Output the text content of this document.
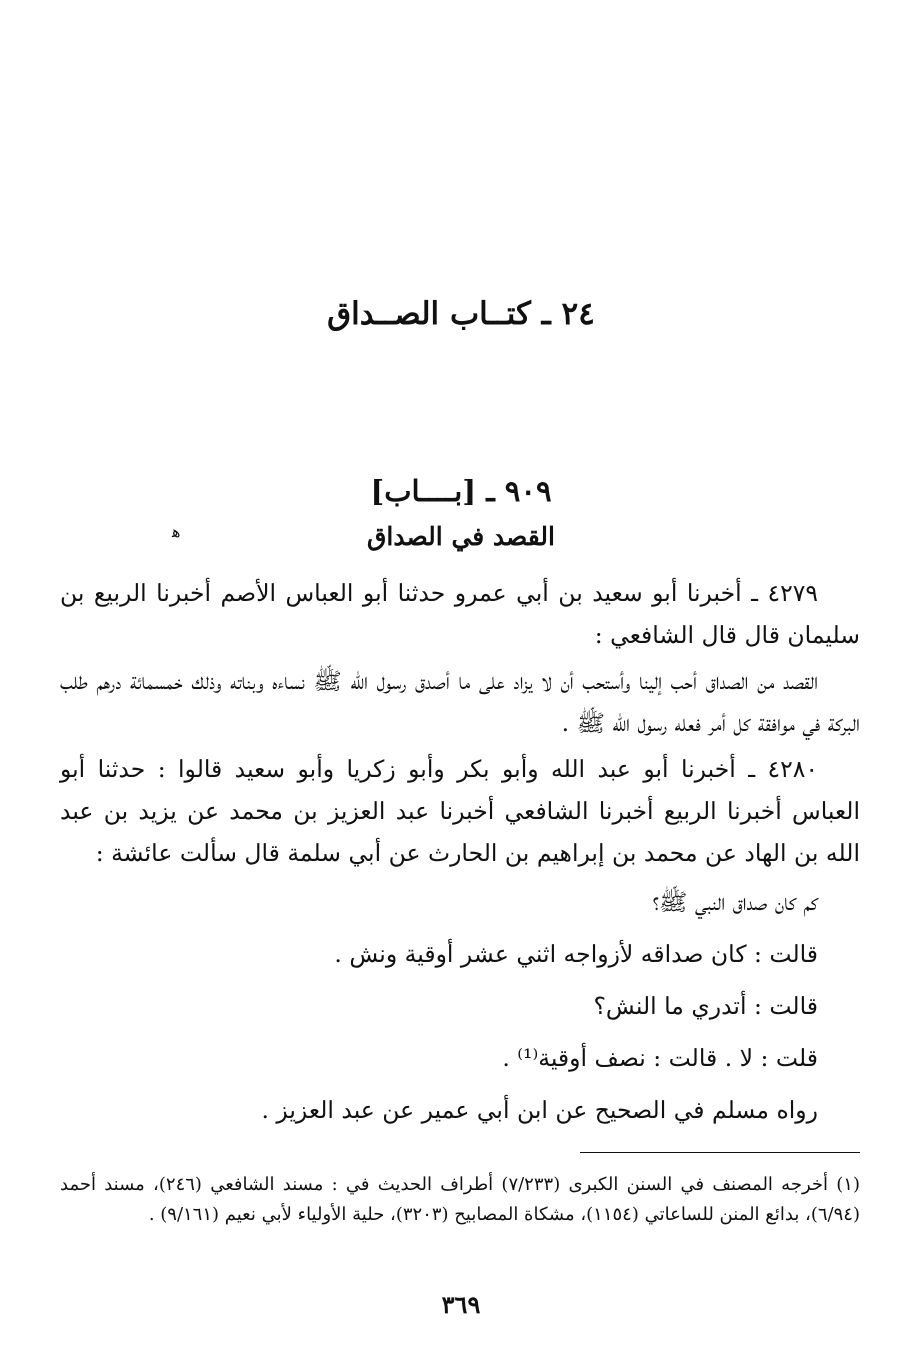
٢٤ ـ كتــاب الصــداق
٩٠٩ ـ [بــــاب]
القصد في الصداق
ﻫ

٤٢٧٩ ـ أخبرنا أبو سعيد بن أبي عمرو حدثنا أبو العباس الأصم أخبرنا الربيع بن سليمان قال قال الشافعي :

القصد من الصداق أحب إلينا وأستحب أن لا يزاد على ما أصدق رسول الله ﷺ نساءه وبناته وذلك خمسمائة درهم طلب البركة في موافقة كل أمر فعله رسول الله ﷺ .

٤٢٨٠ ـ أخبرنا أبو عبد الله وأبو بكر وأبو زكريا وأبو سعيد قالوا : حدثنا أبو العباس أخبرنا الربيع أخبرنا الشافعي أخبرنا عبد العزيز بن محمد عن يزيد بن عبد الله بن الهاد عن محمد بن إبراهيم بن الحارث عن أبي سلمة قال سألت عائشة :

كم كان صداق النبي ﷺ؟

قالت : كان صداقه لأزواجه اثني عشر أوقية ونش .

قالت : أتدري ما النش؟

قلت : لا . قالت : نصف أوقية⁽¹⁾ .

رواه مسلم في الصحيح عن ابن أبي عمير عن عبد العزيز .

(١) أخرجه المصنف في السنن الكبرى (٧/٢٣٣) أطراف الحديث في : مسند الشافعي (٢٤٦)، مسند أحمد (٦/٩٤)، بدائع المنن للساعاتي (١١٥٤)، مشكاة المصابيح (٣٢٠٣)، حلية الأولياء لأبي نعيم (٩/١٦١) .

٣٦٩
